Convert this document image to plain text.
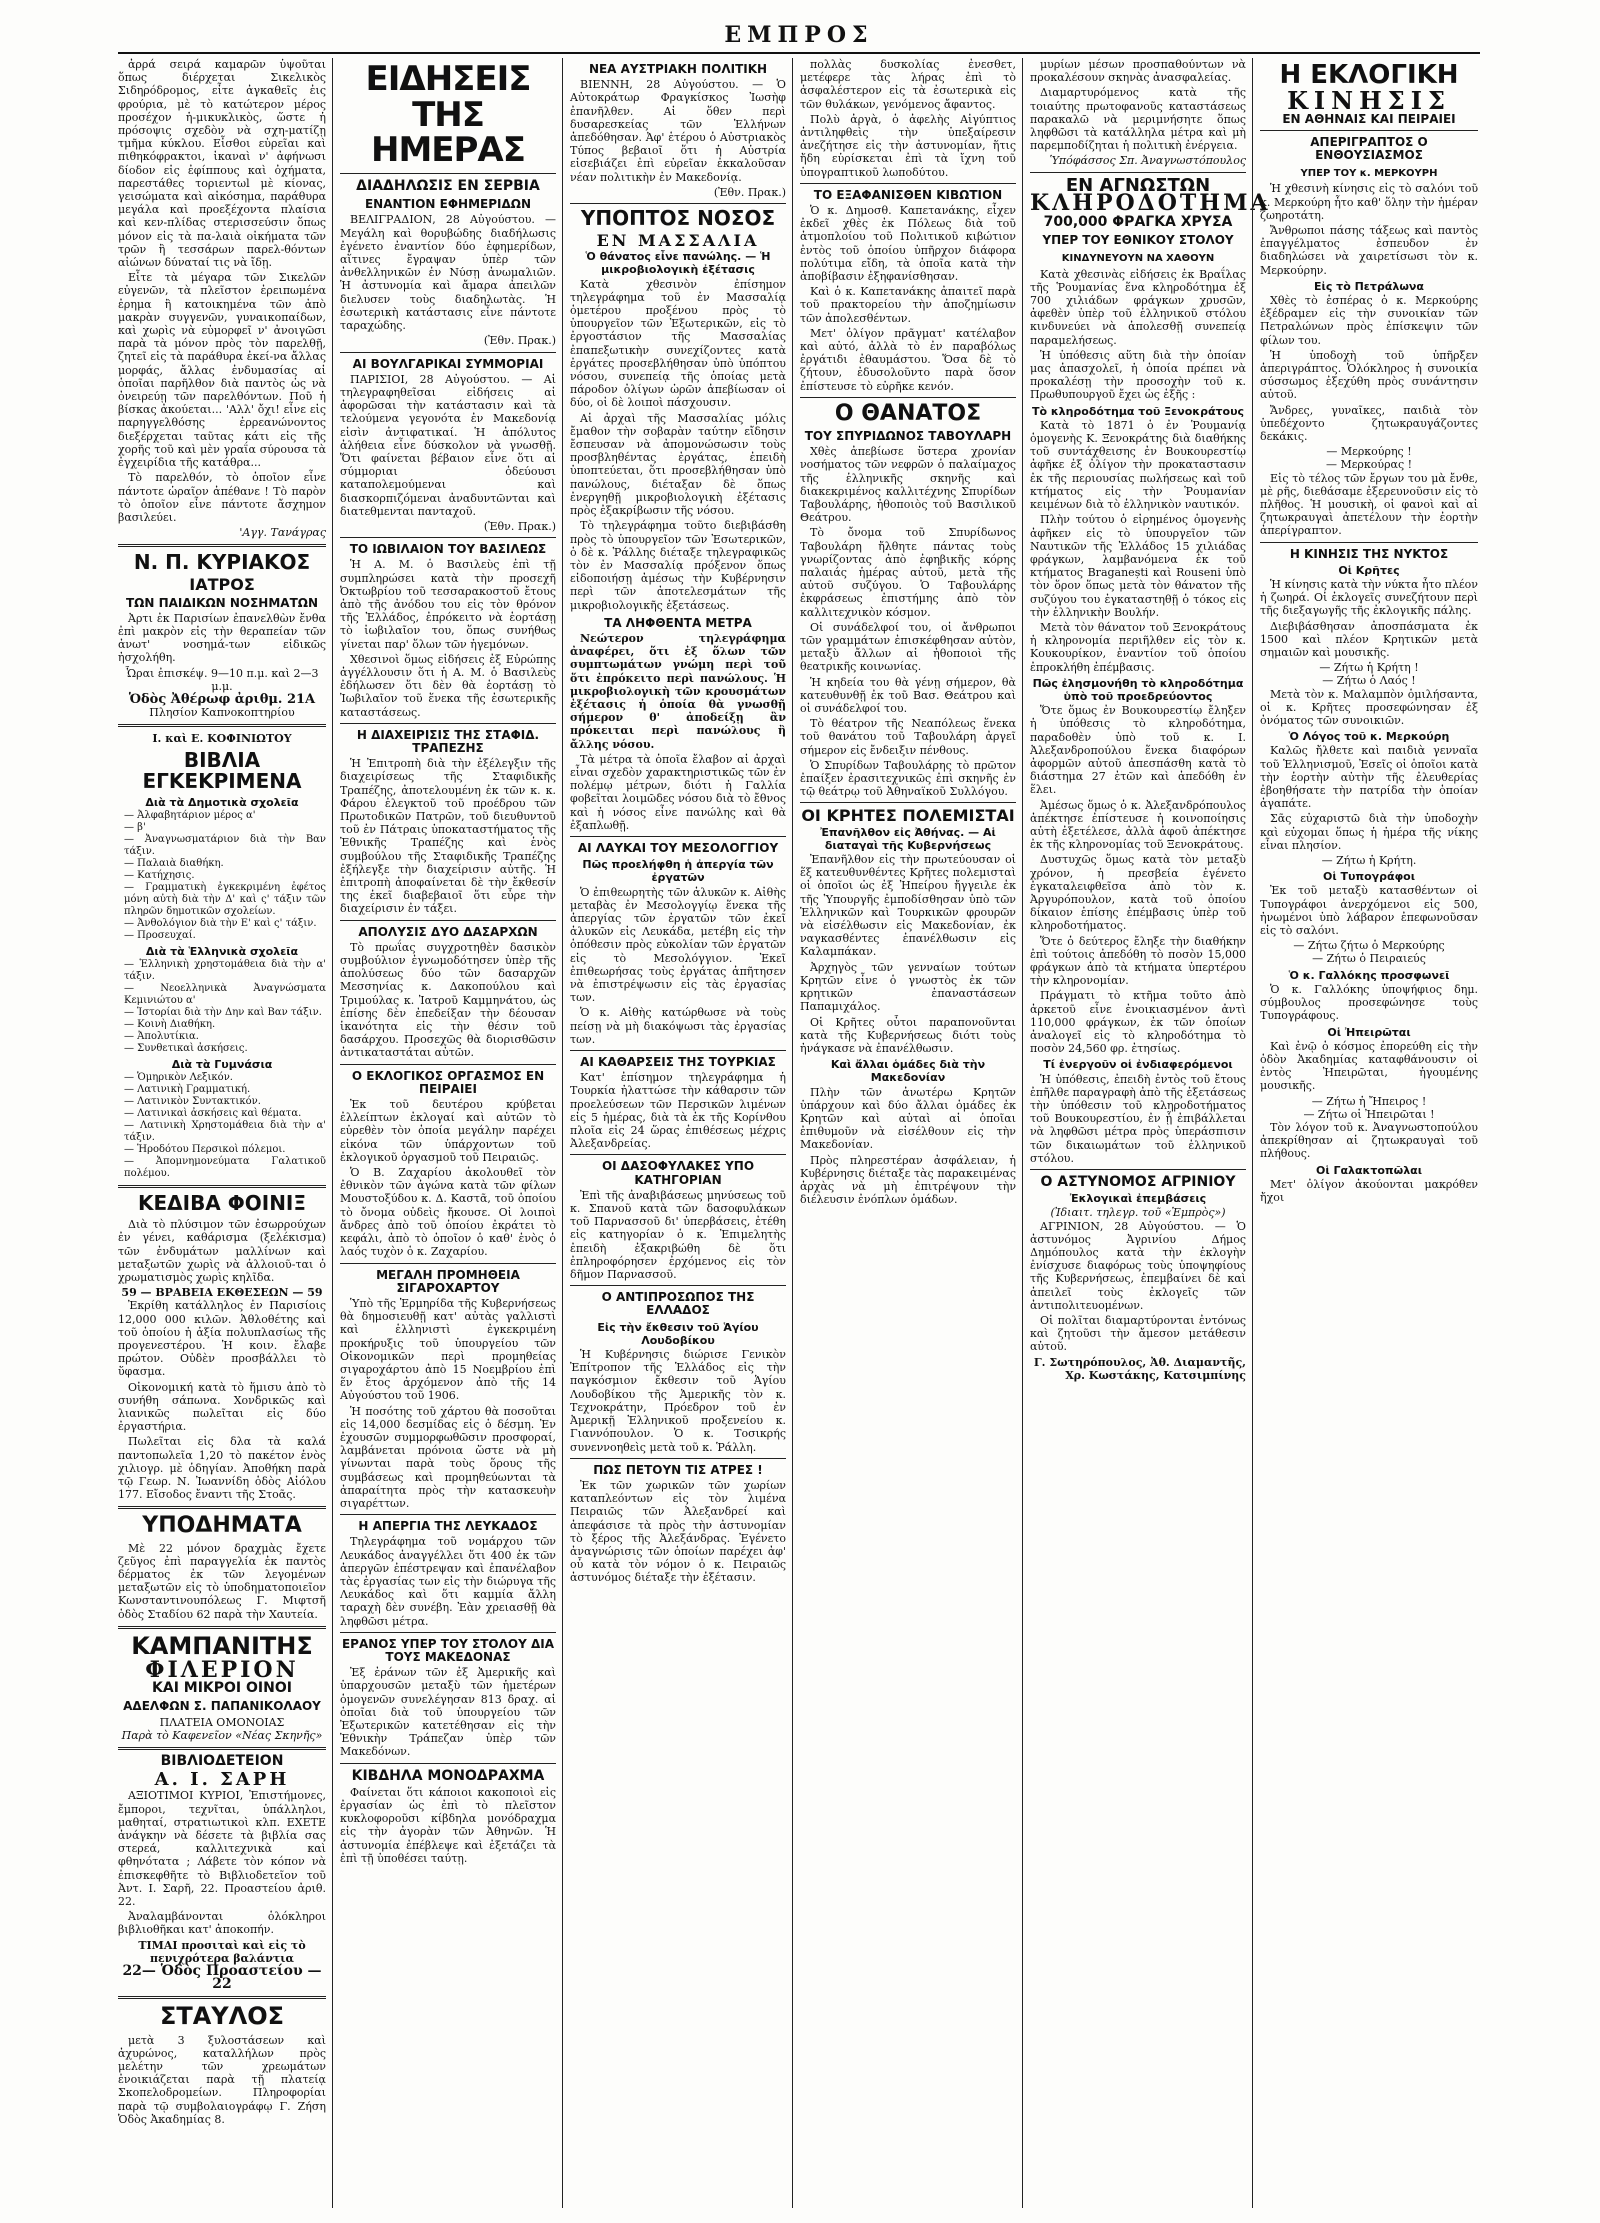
ΕΜΠΡΟΣ

ἀρρά σειρά καμαρῶν ὑψοῦται ὅπως διέρχεται Σικελικὸς Σιδηρόδρομος, εἶτε ἀγκαθεῖς ἐις φρούρια, μὲ τὸ κατώτερον μέρος προσέχον ἡ-μικυκλικὸς, ὥστε ἡ πρόσοψις σχεδὸν νὰ σχη-ματίζῃ τμῆμα κύκλου. Εἶσθοι εὐρεῖαι καὶ πιθηκόφρακτοι, ἱκαναὶ ν' ἀφήνωσι δίοδον εἰς ἐφίππους καὶ ὀχήματα, παρεστάθες τοριεντωl μὲ κίονας, γεισώματα καὶ αἰκόσημα, παράθυρα μεγάλα καὶ προεξέχοντα πλαίσια καὶ κεν-πλίδας στερισσεύσιν ὅπως μόνον εἰς τὰ πα-λαιὰ οἰκήματα τῶν τρῶν ἢ τεσσάρων παρελ-θόντων αἰώνων δύναταί τις νὰ ἴδῃ.

Εἶτε τὰ μέγαρα τῶν Σικελῶν εὐγενῶν, τὰ πλεῖστον ἐρειπωμένα ἐρημα ἢ κατοικημένα τῶν ἀπὸ μακρὰν συγγενῶν, γυναικοπαίδων, καὶ χωρὶς νὰ εὐμορφεῖ ν' ἀνοιγῶσι παρὰ τὰ μόνον πρὸς τὸν παρελθῇ, ζητεῖ εἰς τὰ παράθυρα ἐκεί-να ἄλλας μορφάς, ἄλλας ἐνδυμασίας αἱ ὁποῖαι παρῆλθον διὰ παντὸς ὡς νὰ ὀνειρεύῃ τῶν παρελθόντων. Ποῦ ἡ βίσκας ἀκούεται... 'Αλλ' ὄχι! εἶνε εἰς παρηγγελθόσης ἐρρεανώνοντος διεξέρχεται ταῦτας κάτι εἰς τῆς χορῆς τοῦ καὶ μὲν γραΐα σύρουσα τὰ ἐγχειρίδια τῆς κατάθρα...

Τὸ παρελθόν, τὸ ὁποῖον εἶνε πάντοτε ὡραῖον ἀπέθανε ! Τὸ παρὸν τὸ ὁποῖον εἶνε πάντοτε ἄσχημον βασιλεύει.

'Αγγ. Τανάγρας
Ν. Π. ΚΥΡΙΑΚΟΣ
ΙΑΤΡΟΣ
ΤΩΝ ΠΑΙΔΙΚΩΝ ΝΟΣΗΜΑΤΩΝ

Ἀρτι ἐκ Παρισίων ἐπανελθὼν ἔνθα ἐπὶ μακρὸν εἰς τὴν θεραπείαν τῶν ἀνωτ' νοσημά-των εἰδικῶς ἠσχολήθη.

Ὧραι ἐπισκέψ. 9—10 π.μ. καὶ 2—3 μ.μ.
Ὁδὸς Ἀθέρωφ ἀριθμ. 21Α
Πλησίον Καπνοκοπτηρίου
I. καὶ Ε. ΚΟΦΙΝΙΩΤΟΥ
ΒΙΒΛΙΑ ΕΓΚΕΚΡΙΜΕΝΑ
Διὰ τὰ Δημοτικὰ σχολεῖα

— Ἀλφαβητάριον μέρος α'

— β'

— Ἀναγνωσματάριον διὰ τὴν Βαν τάξιν.

— Παλαιὰ διαθήκη.

— Κατήχησις.

— Γραμματικὴ ἐγκεκριμένη ἐφέτος μόνη αὐτὴ διὰ τὴν Δ' καὶ ς' τάξιν τῶν πληρῶν δημοτικῶν σχολείων.

— Ἀνθολόγιον διὰ τὴν Ε' καὶ ς' τάξιν.

— Προσευχαί.

Διὰ τὰ Ἑλληνικὰ σχολεῖα

— Ἑλληνικὴ χρηστομάθεια διὰ τὴν α' τάξιν.

— Νεοελληνικὰ Ἀναγνώσματα Κεμινιώτου α'

— Ἱστορίαι διὰ τὴν Δην καὶ Βαν τάξιν.

— Κοινὴ Διαθήκη.

— Ἀπολυτίκια.

— Συνθετικαὶ ἀσκήσεις.

Διὰ τὰ Γυμνάσια

— Ὁμηρικὸν Λεξικόν.

— Λατινικὴ Γραμματική.

— Λατινικὸν Συντακτικόν.

— Λατινικαὶ ἀσκήσεις καὶ θέματα.

— Λατινικὴ Χρηστομάθεια διὰ τὴν α' τάξιν.

— Ἡροδότου Περσικοὶ πόλεμοι.

— Ἀπομνημονεύματα Γαλατικοῦ πολέμου.

ΚΕΔΙΒΑ ΦΟΙΝΙΞ

Διὰ τὸ πλύσιμον τῶν ἐσωρρούχων ἐν γένει, καθάρισμα (ξελέκισμα) τῶν ἐνδυμάτων μαλλίνων καὶ μεταξωτῶν χωρὶς νὰ ἀλλοιοῦ-ται ὁ χρωματισμὸς χωρὶς κηλῖδα.

59 — ΒΡΑΒΕΙΑ ΕΚΘΕΣΕΩΝ — 59

Ἐκρίθη κατάλληλος ἐν Παρισίοις 12,000 000 κιλῶν. Ἀθλοθέτης καὶ τοῦ ὁποίου ἡ ἀξία πολυπλασίως τῆς προγενεστέρου. Ἡ κοιν. ἔλαβε πρώτον. Οὐδὲν προσβάλλει τὸ ὕφασμα.

Οἰκονομική κατὰ τὸ ἥμισυ ἀπὸ τὸ συνήθη σάπωνα. Χονδρικῶς καὶ λιανικῶς πωλεῖται εἰς δύο ἐργαστήρια.

Πωλεῖται εἰς δλα τὰ καλά παντοπωλεῖα 1,20 τὸ πακέτον ἑνὸς χιλιογρ. μὲ ὁδηγίαν. Ἀποθήκη παρὰ τῷ Γεωρ. Ν. Ἰωαννίδη ὁδὸς Αἰόλου 177. Εἴσοδος ἔναντι τῆς Στοᾶς.

ΥΠΟΔΗΜΑΤΑ

Μὲ 22 μόνον δραχμὰς ἔχετε ζεῦγος ἐπὶ παραγγελία ἐκ παντὸς δέρματος ἐκ τῶν λεγομένων μεταξωτῶν εἰς τὸ ὑποδηματοποιεῖον Κωνσταντινουπόλεως Γ. Μιφτσῆ ὁδὸς Σταδίου 62 παρὰ τὴν Χαυτεία.

ΚΑΜΠΑΝΙΤΗΣ
ΦΙΛΕΡΙΟΝ
ΚΑΙ ΜΙΚΡΟΙ ΟΙΝΟΙ
ΑΔΕΛΦΩΝ Σ. ΠΑΠΑΝΙΚΟΛΑΟΥ
ΠΛΑΤΕΙΑ ΟΜΟΝΟΙΑΣ
Παρὰ τὸ Καφενεῖον «Νέας Σκηνῆς»
ΒΙΒΛΙΟΔΕΤΕΙΟΝ
Α. Ι. ΣΑΡΗ

ΑΞΙΟΤΙΜΟΙ ΚΥΡΙΟΙ, Ἐπιστήμονες, ἔμποροι, τεχνῖται, ὑπάλληλοι, μαθηταί, στρατιωτικοὶ κλπ. ΕΧΕΤΕ ἀνάγκην νὰ δέσετε τὰ βιβλία σας στερεά, καλλιτεχνικὰ καὶ φθηνότατα ; Λάβετε τὸν κόπον νὰ ἐπισκεφθῆτε τὸ Βιβλιοδετεῖον τοῦ Ἀντ. Ι. Σαρῆ, 22. Προαστείου ἀριθ. 22.

Ἀναλαμβάνονται ὁλόκληροι βιβλιοθῆκαι κατ' ἀποκοπήν.

ΤΙΜΑΙ προσιταὶ καὶ εἰς τὸ πενιχρότερα βαλάντια
22— Ὁδὸς Προαστείου —22
ΣΤΑΥΛΟΣ

μετὰ 3 ξυλοστάσεων καὶ ἀχυρώνος, καταλλήλων πρὸς μελέτην τῶν χρεωμάτων ἐνοικιάζεται παρὰ τῇ πλατείᾳ Σκοπελοδρομείων. Πληροφορίαι παρὰ τῷ συμβολαιογράφῳ Γ. Ζήση Ὁδὸς Ἀκαδημίας 8.

ΕΙΔΗΣΕΙΣ ΤΗΣ ΗΜΕΡΑΣ
ΔΙΑΔΗΛΩΣΙΣ ΕΝ ΣΕΡΒΙΑ
ΕΝΑΝΤΙΟΝ ΕΦΗΜΕΡΙΔΩΝ

ΒΕΛΙΓΡΑΔΙΟΝ, 28 Αὐγούστου. — Μεγάλη καὶ θορυβώδης διαδήλωσις ἐγένετο ἐναντίον δύο ἐφημερίδων, αἵτινες ἔγραψαν ὑπὲρ τῶν ἀνθελληνικῶν ἐν Νύσῃ ἀνωμαλιῶν. Ἡ ἀστυνομία καὶ ἄμαρα ἀπειλῶν διελυσεν τοὺς διαδηλωτὰς. Ἡ ἐσωτερικὴ κατάστασις εἶνε πάντοτε ταραχώδης.

(Ἐθν. Πρακ.)
ΑΙ ΒΟΥΛΓΑΡΙΚΑΙ ΣΥΜΜΟΡΙΑΙ

ΠΑΡΙΣΙΟΙ, 28 Αὐγούστου. — Αἱ τηλεγραφηθεῖσαι εἰδήσεις αἱ ἀφορῶσαι τὴν κατάστασιν καὶ τὰ τελούμενα γεγονότα ἐν Μακεδονίᾳ εἰσὶν ἀντιφατικαί. Ἡ ἀπόλυτος ἀλήθεια εἶνε δύσκολον νὰ γνωσθῇ. Ὅτι φαίνεται βέβαιον εἶνε ὅτι αἱ σύμμοριαι ὁδεύουσι καταπολεμούμεναι καὶ διασκορπιζόμεναι ἀναδυντῶνται καὶ διατεθμενται πανταχοῦ.

(Ἐθν. Πρακ.)
ΤΟ ΙΩΒΙΛΑΙΟΝ ΤΟΥ ΒΑΣΙΛΕΩΣ

Ἡ Α. Μ. ὁ Βασιλεὺς ἐπὶ τῇ συμπληρώσει κατὰ τὴν προσεχῆ Ὀκτωβρίου τοῦ τεσσαρακοστοῦ ἔτους ἀπὸ τῆς ἀνόδου του εἰς τὸν θρόνον τῆς Ἑλλάδος, ἐπρόκειτο νὰ ἑορτάσῃ τὸ ἰωβιλαῖον του, ὅπως συνήθως γίνεται παρ' ὅλων τῶν ἡγεμόνων.

Χθεσινοὶ ὅμως εἰδήσεις ἐξ Εὐρώπης ἀγγέλλουσιν ὅτι ἡ Α. Μ. ὁ Βασιλεὺς ἐδήλωσεν ὅτι δὲν θὰ ἑορτάσῃ τὸ Ἰωβιλαῖον τοῦ ἕνεκα τῆς ἐσωτερικῆς καταστάσεως.

Η ΔΙΑΧΕΙΡΙΣΙΣ ΤΗΣ ΣΤΑΦΙΔ. ΤΡΑΠΕΖΗΣ

Ἡ Ἐπιτροπὴ διὰ τὴν ἐξέλεγξιν τῆς διαχειρίσεως τῆς Σταφιδικῆς Τραπέζης, ἀποτελουμένη ἐκ τῶν κ. κ. Φάρου ἐλεγκτοῦ τοῦ προέδρου τῶν Πρωτοδικῶν Πατρῶν, τοῦ διευθυντοῦ τοῦ ἐν Πάτραις ὑποκαταστήματος τῆς Ἐθνικῆς Τραπέζης καὶ ἑνὸς συμβούλου τῆς Σταφιδικῆς Τραπέζης ἐξήλεγξε τὴν διαχείρισιν αὐτῆς. Ἡ ἐπιτροπὴ ἀποφαίνεται δὲ τὴν ἔκθεσίν της ἐκεῖ διαβεβαιοῖ ὅτι εὗρε τὴν διαχείρισιν ἐν τάξει.

ΑΠΟΛΥΣΙΣ ΔΥΟ ΔΑΣΑΡΧΩΝ

Τὸ πρωΐας συγχροτηθὲν δασικὸν συμβούλιον ἐγνωμοδότησεν ὑπὲρ τῆς ἀπολύσεως δύο τῶν δασαρχῶν Μεσσηνίας κ. Δακοπούλου καὶ Τριμούλας κ. Ἰατροῦ Καμμηνάτου, ὡς ἐπίσης δὲν ἐπεδείξαν τὴν δέουσαν ἱκανότητα εἰς τὴν θέσιν τοῦ δασάρχου. Προσεχῶς θὰ διορισθῶσιν ἀντικαταστάται αὐτῶν.

Ο ΕΚΛΟΓΙΚΟΣ ΟΡΓΑΣΜΟΣ ΕΝ ΠΕΙΡΑΙΕΙ

Ἐκ τοῦ δευτέρου κρύβεται ἐλλείπτων ἐκλογαί καὶ αὐτῶν τὸ εὐρεθὲν τὸν ὁποία μεγάλην παρέχει εἰκόνα τῶν ὑπάρχοντων τοῦ ἐκλογικοῦ ὀργασμοῦ τοῦ Πειραιῶς.

Ὁ Β. Ζαχαρίου ἀκολουθεῖ τὸν ἐθνικὸν τῶν ἀγώνα κατὰ τῶν φίλων Μουστοξύδου κ. Δ. Καστᾶ, τοῦ ὁποίου τὸ ὄνομα οὐδεὶς ἤκουσε. Οἱ λοιποὶ ἄνδρες ἀπὸ τοῦ ὁποίου ἐκράτει τὸ κεφάλι, ἀπὸ τὸ ὁποῖον ὁ καθ' ἑνὸς ὁ λαός τυχὸν ὁ κ. Ζαχαρίου.

ΜΕΓΑΛΗ ΠΡΟΜΗΘΕΙΑ ΣΙΓΑΡΟΧΑΡΤΟΥ

Ὑπὸ τῆς Ἑρμηρίδα τῆς Κυβερνήσεως θὰ δημοσιευθῇ κατ' αὐτὰς γαλλιστὶ καὶ ἑλληνιστὶ ἐγκεκριμένη προκήρυξις τοῦ ὑπουργείου τῶν Οἰκονομικῶν περὶ προμηθείας σιγαροχάρτου ἀπὸ 15 Νοεμβρίου ἐπὶ ἕν ἔτος ἀρχόμενον ἀπὸ τῆς 14 Αὐγούστου τοῦ 1906.

Ἡ ποσότης τοῦ χάρτου θὰ ποσοῦται εἰς 14,000 δεσμίδας εἰς ὁ δέσμη. Ἐν ἐχουσῶν συμμορφωθῶσιν προσφοραί, λαμβάνεται πρόνοια ὥστε νὰ μὴ γίνωνται παρὰ τοὺς ὅρους τῆς συμβάσεως καὶ προμηθεύωνται τὰ ἀπαραίτητα πρὸς τὴν κατασκευὴν σιγαρέττων.

Η ΑΠΕΡΓΙΑ ΤΗΣ ΛΕΥΚΑΔΟΣ

Τηλεγράφημα τοῦ νομάρχου τῶν Λευκάδος ἀναγγέλλει ὅτι 400 ἐκ τῶν ἀπεργῶν ἐπέστρεψαν καὶ ἐπανέλαβον τὰς ἐργασίας των εἰς τὴν διώρυγα τῆς Λευκάδος καὶ ὅτι καμμία ἄλλη ταραχὴ δὲν συνέβη. Ἐὰν χρειασθῇ θὰ ληφθῶσι μέτρα.

ΕΡΑΝΟΣ ΥΠΕΡ ΤΟΥ ΣΤΟΛΟΥ ΔΙΑ ΤΟΥΣ ΜΑΚΕΔΟΝΑΣ

Ἐξ ἐράνων τῶν ἐξ Ἀμερικῆς καὶ ὑπαρχουσῶν μεταξὺ τῶν ἡμετέρων ὁμογενῶν συνελέγησαν 813 δραχ. αἱ ὁποῖαι διὰ τοῦ ὑπουργείου τῶν Ἐξωτερικῶν κατετέθησαν εἰς τὴν Ἐθνικὴν Τράπεζαν ὑπὲρ τῶν Μακεδόνων.

ΚΙΒΔΗΛΑ ΜΟΝΟΔΡΑΧΜΑ

Φαίνεται ὅτι κάποιοι κακοποιοὶ εἰς ἐργασίαν ὡς ἐπὶ τὸ πλεῖστον κυκλοφοροῦσι κίβδηλα μονόδραχμα εἰς τὴν ἀγορὰν τῶν Ἀθηνῶν. Ἡ ἀστυνομία ἐπέβλεψε καὶ ἐξετάζει τὰ ἐπὶ τῇ ὑποθέσει ταύτῃ.

ΝΕΑ ΑΥΣΤΡΙΑΚΗ ΠΟΛΙΤΙΚΗ

ΒΙΕΝΝΗ, 28 Αὐγούστου. — Ὁ Αὐτοκράτωρ Φραγκίσκος Ἰωσὴφ ἐπανῆλθεν. Αἱ ὅθεν περὶ δυσαρεσκείας τῶν Ἑλλήνων ἀπεδόθησαν. Ἀφ' ἑτέρου ὁ Αὐστριακὸς Τύπος βεβαιοῖ ὅτι ἡ Αὐστρία εἰσεβιάζει ἐπὶ εὐρεῖαν ἐκκαλοῦσαν νέαν πολιτικὴν ἐν Μακεδονίᾳ.

(Ἐθν. Πρακ.)
ΥΠΟΠΤΟΣ ΝΟΣΟΣ
ΕΝ ΜΑΣΣΑΛΙΑ
Ὁ θάνατος εἶνε πανώλης. — Ἡ μικροβιολογικὴ ἐξέτασις

Κατὰ χθεσινὸν ἐπίσημον τηλεγράφημα τοῦ ἐν Μασσαλίᾳ ὁμετέρου προξένου πρὸς τὸ ὑπουργεῖον τῶν Ἐξωτερικῶν, εἰς τὸ ἐργοστάσιον τῆς Μασσαλίας ἐπαπεξωτικὴν συνεχίζοντες κατὰ ἐργάτες προσεβλήθησαν ὑπὸ ὑπόπτου νόσου, συνεπείᾳ τῆς ὁποίας μετὰ πάροδον ὀλίγων ὡρῶν ἀπεβίωσαν οἱ δύο, οἱ δὲ λοιποὶ πάσχουσιν.

Αἱ ἀρχαὶ τῆς Μασσαλίας μόλις ἔμαθον τὴν σοβαρὰν ταύτην εἴδησιν ἔσπευσαν νὰ ἀπομονώσωσιν τοὺς προσβληθέντας ἐργάτας, ἐπειδὴ ὑποπτεύεται, ὅτι προσεβλήθησαν ὑπὸ πανώλους, διέταξαν δὲ ὅπως ἐνεργηθῇ μικροβιολογικὴ ἐξέτασις πρὸς ἐξακρίβωσιν τῆς νόσου.

Τὸ τηλεγράφημα τοῦτο διεβιβάσθη πρὸς τὸ ὑπουργεῖον τῶν Ἐσωτερικῶν, ὁ δὲ κ. Ῥάλλης διέταξε τηλεγραφικῶς τὸν ἐν Μασσαλίᾳ πρόξενον ὅπως εἰδοποιήσῃ ἀμέσως τὴν Κυβέρνησιν περὶ τῶν ἀποτελεσμάτων τῆς μικροβιολογικῆς ἐξετάσεως.

ΤΑ ΛΗΦΘΕΝΤΑ ΜΕΤΡΑ

Νεώτερον τηλεγράφημα ἀναφέρει, ὅτι ἐξ ὅλων τῶν συμπτωμάτων γνώμη περὶ τοῦ ὅτι ἐπρόκειτο περὶ πανώλους. Ἡ μικροβιολογικὴ τῶν κρουσμάτων ἐξέτασις ἡ ὁποία θὰ γνωσθῇ σήμερον θ' ἀποδείξῃ ἂν πρόκειται περὶ πανώλους ἢ ἄλλης νόσου.

Τὰ μέτρα τὰ ὁποῖα ἔλαβον αἱ ἀρχαὶ εἶναι σχεδὸν χαρακτηριστικῶς τῶν ἐν πολέμῳ μέτρων, διότι ἡ Γαλλία φοβεῖται λοιμῶδες νόσου διὰ τὸ ἔθνος καὶ ἡ νόσος εἶνε πανώλης καὶ θὰ ἐξαπλωθῇ.

ΑΙ ΛΑΥΚΑΙ ΤΟΥ ΜΕΣΟΛΟΓΓΙΟΥ
Πῶς προελήφθη ἡ ἀπεργία τῶν ἐργατῶν

Ὁ ἐπιθεωρητὴς τῶν ἁλυκῶν κ. Αἰθὴς μεταβὰς ἐν Μεσολογγίῳ ἕνεκα τῆς ἀπεργίας τῶν ἐργατῶν τῶν ἐκεῖ ἁλυκῶν εἰς Λευκάδα, μετέβη εἰς τὴν ὁπόθεσιν πρὸς εὐκολίαν τῶν ἐργατῶν εἰς τὸ Μεσολόγγιον. Ἐκεῖ ἐπιθεωρήσας τοὺς ἐργάτας ἀπῆτησεν νὰ ἐπιστρέψωσιν εἰς τὰς ἐργασίας των.

Ὁ κ. Αἰθὴς κατώρθωσε νὰ τοὺς πείσῃ νὰ μὴ διακόψωσι τὰς ἐργασίας των.

ΑΙ ΚΑΘΑΡΣΕΙΣ ΤΗΣ ΤΟΥΡΚΙΑΣ

Κατ' ἐπίσημον τηλεγράφημα ἡ Τουρκία ἠλαττώσε τὴν κάθαρσιν τῶν προελεύσεων τῶν Περσικῶν λιμένων εἰς 5 ἡμέρας, διὰ τὰ ἐκ τῆς Κορίνθου πλοῖα εἰς 24 ὥρας ἐπιθέσεως μέχρις Ἀλεξανδρείας.

ΟΙ ΔΑΣΟΦΥΛΑΚΕΣ ΥΠΟ ΚΑΤΗΓΟΡΙΑΝ

Ἐπὶ τῆς ἀναβιβάσεως μηνύσεως τοῦ κ. Σπανοῦ κατὰ τῶν δασοφυλάκων τοῦ Παρνασσοῦ δι' ὑπερβάσεις, ἐτέθη εἰς κατηγορίαν ὁ κ. Ἐπιμελητὴς ἐπειδὴ ἐξακριβώθη δὲ ὅτι ἐπληροφόρησεν ἐρχόμενος εἰς τὸν δῆμον Παρνασσοῦ.

Ο ΑΝΤΙΠΡΟΣΩΠΟΣ ΤΗΣ ΕΛΛΑΔΟΣ
Εἰς τὴν ἔκθεσιν τοῦ Ἁγίου Λουδοβίκου

Ἡ Κυβέρνησις διώρισε Γενικὸν Ἐπίτροπον τῆς Ἑλλάδος εἰς τὴν παγκόσμιον ἔκθεσιν τοῦ Ἁγίου Λουδοβίκου τῆς Ἀμερικῆς τὸν κ. Τεχνοκράτην, Πρόεδρον τοῦ ἐν Ἀμερικῇ Ἑλληνικοῦ προξενείου κ. Γιαννόπουλον. Ὁ κ. Τοσικρής συνεννοηθεὶς μετὰ τοῦ κ. Ῥάλλη.

ΠΩΣ ΠΕΤΟΥΝ ΤΙΣ ΑΤΡΕΣ !

Ἐκ τῶν χωρικῶν τῶν χωρίων καταπλεόντων εἰς τὸν λιμένα Πειραιῶς τῶν Ἀλεξανδρεί καὶ ἀπεφάσισε τὰ πρὸς τὴν ἀστυνομίαν τὸ ξέρος τῆς Ἀλεξάνδρας. Ἐγένετο ἀναγνώρισις τῶν ὁποίων παρέχει ἀφ' οὗ κατὰ τὸν νόμον ὁ κ. Πειραιῶς ἀστυνόμος διέταξε τὴν ἐξέτασιν.

πολλὰς δυσκολίας ἐνεσθετ, μετέφερε τὰς λήρας ἐπὶ τὸ ἀσφαλέστερον εἰς τὰ ἐσωτερικὰ εἰς τῶν θυλάκων, γενόμενος ἄφαντος.

Πολὺ ἀργὰ, ὁ ἀφελὴς Αἰγύπτιος ἀντιληφθεὶς τὴν ὑπεξαίρεσιν ἀνεζήτησε εἰς τὴν ἀστυνομίαν, ἥτις ἤδη εὑρίσκεται ἐπὶ τὰ ἴχνη τοῦ ὑπογραπτικοῦ λωποδύτου.

ΤΟ ΕΞΑΦΑΝΙΣΘΕΝ ΚΙΒΩΤΙΟΝ

Ὁ κ. Δημοσθ. Καπετανάκης, εἶχεν ἐκδεῖ χθὲς ἐκ Πόλεως διὰ τοῦ ἀτμοπλοίου τοῦ Πολιτικοῦ κιβώτιον ἐντὸς τοῦ ὁποίου ὑπῆρχον διάφορα πολύτιμα εἴδη, τὰ ὁποῖα κατὰ τὴν ἀποβίβασιν ἐξηφανίσθησαν.

Καὶ ὁ κ. Καπετανάκης ἀπαιτεῖ παρὰ τοῦ πρακτορείου τὴν ἀποζημίωσιν τῶν ἀπολεσθέντων.

Μετ' ὀλίγον πρᾶγματ' κατέλαβον καὶ αὐτό, ἀλλὰ τὸ ἐν παραβόλως ἐργάτιδι ἐθαυμάστου. Ὅσα δὲ τὸ ζήτουν, ἐδυσολοῦντο παρὰ ὅσον ἐπίστευσε τὸ εὑρῆκε κενόν.

Ο ΘΑΝΑΤΟΣ
ΤΟΥ ΣΠΥΡΙΔΩΝΟΣ ΤΑΒΟΥΛΑΡΗ

Χθὲς ἀπεβίωσε ὕστερα χρονίαν νοσήματος τῶν νεφρῶν ὁ παλαίμαχος τῆς ἑλληνικῆς σκηνῆς καὶ διακεκριμένος καλλιτέχνης Σπυρίδων Ταβουλάρης, ἠθοποιὸς τοῦ Βασιλικοῦ Θεάτρου.

Τὸ ὄνομα τοῦ Σπυρίδωνος Ταβουλάρη ἤλθητε πάντας τοὺς γνωρίζοντας ἀπὸ ἐφηβικῆς κόρης παλαιάς ἡμέρας αὐτοῦ, μετὰ τῆς αὐτοῦ συζύγου. Ὁ Ταβουλάρης ἐκφράσεως ἐπιστήμης ἀπὸ τὸν καλλιτεχνικὸν κόσμον.

Οἱ συνάδελφοί του, οἱ ἄνθρωποι τῶν γραμμάτων ἐπισκέφθησαν αὐτὸν, μεταξὺ ἄλλων αἱ ἠθοποιοὶ τῆς θεατρικῆς κοινωνίας.

Ἡ κηδεία του θὰ γένῃ σήμερον, θὰ κατευθυνθῇ ἐκ τοῦ Βασ. Θεάτρου καὶ οἱ συνάδελφοί του.

Τὸ θέατρον τῆς Νεαπόλεως ἕνεκα τοῦ θανάτου τοῦ Ταβουλάρη ἀργεῖ σήμερον εἰς ἔνδειξιν πένθους.

Ὁ Σπυρίδων Ταβουλάρης τὸ πρῶτον ἐπαίξεν ἐρασιτεχνικῶς ἐπὶ σκηνῆς ἐν τῷ θεάτρῳ τοῦ Ἀθηναϊκοῦ Συλλόγου.

ΟΙ ΚΡΗΤΕΣ ΠΟΛΕΜΙΣΤΑΙ
Ἐπανῆλθον εἰς Ἀθήνας. — Αἱ διαταγαὶ τῆς Κυβερνήσεως

Ἐπανῆλθον εἰς τὴν πρωτεύουσαν οἱ ἕξ κατευθυνθέντες Κρῆτες πολεμισταὶ οἱ ὁποῖοι ὡς ἐξ Ἠπείρου ἤγγειλε ἐκ τῆς Ὑπουργῆς ἐμποδίσθησαν ὑπὸ τῶν Ἑλληνικῶν καὶ Τουρκικῶν φρουρῶν νὰ εἰσέλθωσιν εἰς Μακεδονίαν, ἐκ ναγκασθέντες ἐπανέλθωσιν εἰς Καλαμπάκαν.

Ἀρχηγὸς τῶν γενναίων τούτων Κρητῶν εἶνε ὁ γνωστὸς ἐκ τῶν κρητικῶν ἐπαναστάσεων Παπαμιχάλος.

Οἱ Κρῆτες οὗτοι παραπονοῦνται κατὰ τῆς Κυβερνήσεως διότι τοὺς ἠνάγκασε νὰ ἐπανέλθωσιν.

Καὶ ἄλλαι ὁμάδες διὰ τὴν Μακεδονίαν

Πλὴν τῶν ἀνωτέρω Κρητῶν ὑπάρχουν καὶ δύο ἄλλαι ὁμάδες ἐκ Κρητῶν καὶ αὐταὶ αἱ ὁποῖαι ἐπιθυμοῦν νὰ εἰσέλθουν εἰς τὴν Μακεδονίαν.

Πρὸς πληρεστέραν ἀσφάλειαν, ἡ Κυβέρνησις διέταξε τὰς παρακειμένας ἀρχὰς νὰ μὴ ἐπιτρέψουν τὴν διέλευσιν ἐνόπλων ὁμάδων.

μυρίων μέσων προσπαθούντων νὰ προκαλέσουν σκηνὰς ἀνασφαλείας.

Διαμαρτυρόμενος κατὰ τῆς τοιαύτης πρωτοφανοῦς καταστάσεως παρακαλῶ νὰ μεριμνήσητε ὅπως ληφθῶσι τὰ κατάλληλα μέτρα καὶ μὴ παρεμποδίζηται ἡ πολιτικὴ ἐνέργεια.

Ὑπόφάσσος Σπ. Ἀναγνωστόπουλος
ΕΝ ΑΓΝΩΣΤΩΝ
ΚΛΗΡΟΔΟΤΗΜΑ
700,000 ΦΡΑΓΚΑ ΧΡΥΣΑ
ΥΠΕΡ ΤΟΥ ΕΘΝΙΚΟΥ ΣΤΟΛΟΥ
ΚΙΝΔΥΝΕΥΟΥΝ ΝΑ ΧΑΘΟΥΝ

Κατὰ χθεσινὰς εἰδήσεις ἐκ Βραΐλας τῆς Ῥουμανίας ἕνα κληροδότημα ἐξ 700 χιλιάδων φράγκων χρυσῶν, ἀφεθὲν ὑπὲρ τοῦ ἑλληνικοῦ στόλου κινδυνεύει νὰ ἀπολεσθῇ συνεπείᾳ παραμελήσεως.

Ἡ ὑπόθεσις αὕτη διὰ τὴν ὁποίαν μας ἀπασχολεῖ, ἡ ὁποία πρέπει νὰ προκαλέσῃ τὴν προσοχὴν τοῦ κ. Πρωθυπουργοῦ ἔχει ὡς ἑξῆς :

Τὸ κληροδότημα τοῦ Ξενοκράτους

Κατὰ τὸ 1871 ὁ ἐν Ῥουμανίᾳ ὁμογενὴς Κ. Ξενοκράτης διὰ διαθήκης τοῦ συντάχθεισης ἐν Βουκουρεστίῳ ἀφῆκε ἐξ ὀλίγον τὴν προκαταστασιν ἐκ τῆς περιουσίας πωλήσεως καὶ τοῦ κτήματος εἰς τὴν Ῥουμανίαν κειμένων διὰ τὸ ἑλληνικὸν ναυτικόν.

Πλὴν τούτου ὁ εἰρημένος ὁμογενὴς ἀφῆκεν εἰς τὸ ὑπουργεῖον τῶν Ναυτικῶν τῆς Ἑλλάδος 15 χιλιάδας φράγκων, λαμβανόμενα ἐκ τοῦ κτήματος Braganești καὶ Rouseni ὑπὸ τὸν ὅρον ὅπως μετὰ τὸν θάνατον τῆς συζύγου του ἐγκαταστηθῇ ὁ τόκος εἰς τὴν ἑλληνικὴν Βουλήν.

Μετὰ τὸν θάνατον τοῦ Ξενοκράτους ἡ κληρονομία περιῆλθεν εἰς τὸν κ. Κουκουρίκον, ἐναντίον τοῦ ὁποίου ἐπροκλήθη ἐπέμβασις.

Πῶς ἐλησμονήθη τὸ κληροδότημα ὑπὸ τοῦ προεδρεύοντος

Ὅτε ὅμως ἐν Βουκουρεστίῳ ἔληξεν ἡ ὑπόθεσις τὸ κληροδότημα, παραδοθὲν ὑπὸ τοῦ κ. Ι. Ἀλεξανδροπούλου ἕνεκα διαφόρων ἀφορμῶν αὐτοῦ ἀπεσπάσθη κατὰ τὸ διάστημα 27 ἐτῶν καὶ ἀπεδόθη ἐν ἕλει.

Ἀμέσως ὅμως ὁ κ. Ἀλεξανδρόπουλος ἀπέκτησε ἐπίστευσε ἡ κοινοποίησις αὐτὴ ἐξετέλεσε, ἀλλὰ ἀφοῦ ἀπέκτησε ἐκ τῆς κληρονομίας τοῦ Ξενοκράτους.

Δυστυχῶς ὅμως κατὰ τὸν μεταξὺ χρόνον, ἡ πρεσβεία ἐγένετο ἐγκαταλειφθεῖσα ἀπὸ τὸν κ. Ἀργυρόπουλον, κατὰ τοῦ ὁποίου δίκαιον ἐπίσης ἐπέμβασις ὑπὲρ τοῦ κληροδοτήματος.

Ὅτε ὁ δεύτερος ἔληξε τὴν διαθήκην ἐπὶ τούτοις ἀπεδόθη τὸ ποσὸν 15,000 φράγκων ἀπὸ τὰ κτήματα ὑπερτέρου τὴν κληρονομίαν.

Πράγματι τὸ κτῆμα τοῦτο ἀπὸ ἀρκετοῦ εἶνε ἐνοικιασμένον ἀντὶ 110,000 φράγκων, ἐκ τῶν ὁποίων ἀναλογεῖ εἰς τὸ κληροδότημα τὸ ποσὸν 24,560 φρ. ἐτησίως.

Τί ἐνεργοῦν οἱ ἐνδιαφερόμενοι

Ἡ ὑπόθεσις, ἐπειδὴ ἐντὸς τοῦ ἔτους ἐπῆλθε παραγραφὴ ἀπὸ τῆς ἐξετάσεως τὴν ὑπόθεσιν τοῦ κληροδοτήματος τοῦ Βουκουρεστίου, ἐν ᾗ ἐπιβάλλεται νὰ ληφθῶσι μέτρα πρὸς ὑπεράσπισιν τῶν δικαιωμάτων τοῦ ἑλληνικοῦ στόλου.

Ο ΑΣΤΥΝΟΜΟΣ ΑΓΡΙΝΙΟΥ
Ἐκλογικαὶ ἐπεμβάσεις
(Ἰδιαιτ. τηλεγρ. τοῦ «Ἐμπρὸς»)

ΑΓΡΙΝΙΟΝ, 28 Αὐγούστου. — Ὁ ἀστυνόμος Ἀγρινίου Δήμος Δημόπουλος κατὰ τὴν ἐκλογὴν ἐνίσχυσε διαφόρως τοὺς ὑποψηφίους τῆς Κυβερνήσεως, ἐπεμβαίνει δὲ καὶ ἀπειλεῖ τοὺς ἐκλογεῖς τῶν ἀντιπολιτευομένων.

Οἱ πολῖται διαμαρτύρονται ἐντόνως καὶ ζητοῦσι τὴν ἄμεσον μετάθεσιν αὐτοῦ.

Γ. Σωτηρόπουλος, Ἀθ. Διαμαντῆς, Χρ. Κωστάκης, Κατσιμπίνης
Η ΕΚΛΟΓΙΚΗ
ΚΙΝΗΣΙΣ
ΕΝ ΑΘΗΝΑΙΣ ΚΑΙ ΠΕΙΡΑΙΕΙ
ΑΠΕΡΙΓΡΑΠΤΟΣ Ο ΕΝΘΟΥΣΙΑΣΜΟΣ
ΥΠΕΡ ΤΟΥ κ. ΜΕΡΚΟΥΡΗ

Ἡ χθεσινὴ κίνησις εἰς τὸ σαλόνι τοῦ κ. Μερκούρη ἦτο καθ' ὅλην τὴν ἡμέραν ζωηροτάτη.

Ἄνθρωποι πάσης τάξεως καὶ παντὸς ἐπαγγέλματος ἐσπευδον ἐν διαδηλώσει νὰ χαιρετίσωσι τὸν κ. Μερκούρην.

Εἰς τὸ Πετράλωνα

Χθὲς τὸ ἑσπέρας ὁ κ. Μερκούρης ἐξέδραμεν εἰς τὴν συνοικίαν τῶν Πετραλώνων πρὸς ἐπίσκεψιν τῶν φίλων του.

Ἡ ὑποδοχὴ τοῦ ὑπῆρξεν ἀπεριγράπτος. Ὁλόκληρος ἡ συνοικία σύσσωμος ἐξεχύθη πρὸς συνάντησιν αὐτοῦ.

Ἄνδρες, γυναῖκες, παιδιὰ τὸν ὑπεδέχοντο ζητωκραυγάζοντες δεκάκις.

— Μερκούρης !
— Μερκούρας !

Εἰς τὸ τέλος τῶν ἔργων του μὰ ἔνθε, μὲ ρῆς, διεθάσαμε ἐξερευνοῦσιν εἰς τὸ πλῆθος. Ἡ μουσικὴ, οἱ φανοὶ καὶ αἱ ζητωκραυγαὶ ἀπετέλουν τὴν ἐορτὴν ἀπερίγραπτον.

Η ΚΙΝΗΣΙΣ ΤΗΣ ΝΥΚΤΟΣ
Οἱ Κρῆτες

Ἡ κίνησις κατὰ τὴν νύκτα ἦτο πλέον ἡ ζωηρά. Οἱ ἐκλογεῖς συνεζήτουν περὶ τῆς διεξαγωγῆς τῆς ἐκλογικῆς πάλης.

Διεβιβάσθησαν ἀποσπάσματα ἐκ 1500 καὶ πλέον Κρητικῶν μετὰ σημαιῶν καὶ μουσικῆς.

— Ζήτω ἡ Κρήτη !
— Ζήτω ὁ Λαός !

Μετὰ τὸν κ. Μαλαμπὸν ὁμιλήσαντα, οἱ κ. Κρῆτες προσεφώνησαν ἐξ ὀνόματος τῶν συνοικιῶν.

Ὁ Λόγος τοῦ κ. Μερκούρη

Καλῶς ἤλθετε καὶ παιδιὰ γενναῖα τοῦ Ἑλληνισμοῦ, Ἐσεῖς οἱ ὁποῖοι κατὰ τὴν ἑορτὴν αὐτὴν τῆς ἐλευθερίας ἐβοηθήσατε τὴν πατρίδα τὴν ὁποίαν ἀγαπάτε.

Σᾶς εὐχαριστῶ διὰ τὴν ὑποδοχὴν καὶ εὐχομαι ὅπως ἡ ἡμέρα τῆς νίκης εἶναι πλησίον.

— Ζήτω ἡ Κρήτη.
Οἱ Τυπογράφοι

Ἐκ τοῦ μεταξὺ κατασθέντων οἱ Τυπογράφοι ἀνερχόμενοι εἰς 500, ἠνωμένοι ὑπὸ λάβαρον ἐπεφωνοῦσαν εἰς τὸ σαλόνι.

— Ζήτω ζήτω ὁ Μερκούρης
— Ζήτω ὁ Πειραιεύς
Ὁ κ. Γαλλόκης προσφωνεῖ

Ὁ κ. Γαλλόκης ὑποψήφιος δημ. σύμβουλος προσεφώνησε τοὺς Τυπογράφους.

Οἱ Ἠπειρῶται

Καὶ ἐνῷ ὁ κόσμος ἐπορεύθη εἰς τὴν ὁδὸν Ἀκαδημίας καταφθάνουσιν οἱ ἐντὸς Ἠπειρῶται, ἠγουμένης μουσικῆς.

— Ζήτω ἡ Ἤπειρος !
— Ζήτω οἱ Ἠπειρῶται !

Τὸν λόγον τοῦ κ. Ἀναγνωστοπούλου ἀπεκρίθησαν αἱ ζητωκραυγαὶ τοῦ πλήθους.

Οἱ Γαλακτοπῶλαι

Μετ' ὀλίγον ἀκούονται μακρόθεν ἤχοι
